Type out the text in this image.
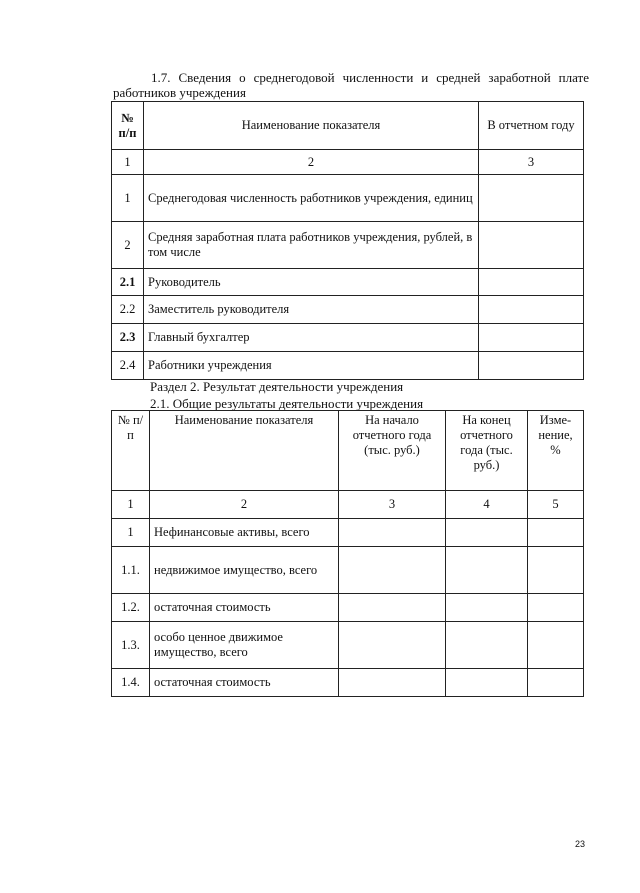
1.7. Сведения о среднегодовой численности и средней заработной плате работников учреждения
№ п/п	Наименование показателя	В отчетном году
1	2	3
1	Среднегодовая численность работников учреждения, единиц	
2	Средняя заработная плата работников учреждения, рублей, в том числе	
2.1	Руководитель	
2.2	Заместитель руководителя	
2.3	Главный бухгалтер	
2.4	Работники учреждения	
Раздел 2. Результат деятельности учреждения
2.1. Общие результаты деятельности учреждения
№ п/п	Наименование показателя	На начало отчетного года (тыс. руб.)	На конец отчетного года (тыс. руб.)	Изме- нение, %
1	2	3	4	5
1	Нефинансовые активы, всего			
1.1.	недвижимое имущество, всего			
1.2.	остаточная стоимость			
1.3.	особо ценное движимое имущество, всего			
1.4.	остаточная стоимость			
23
